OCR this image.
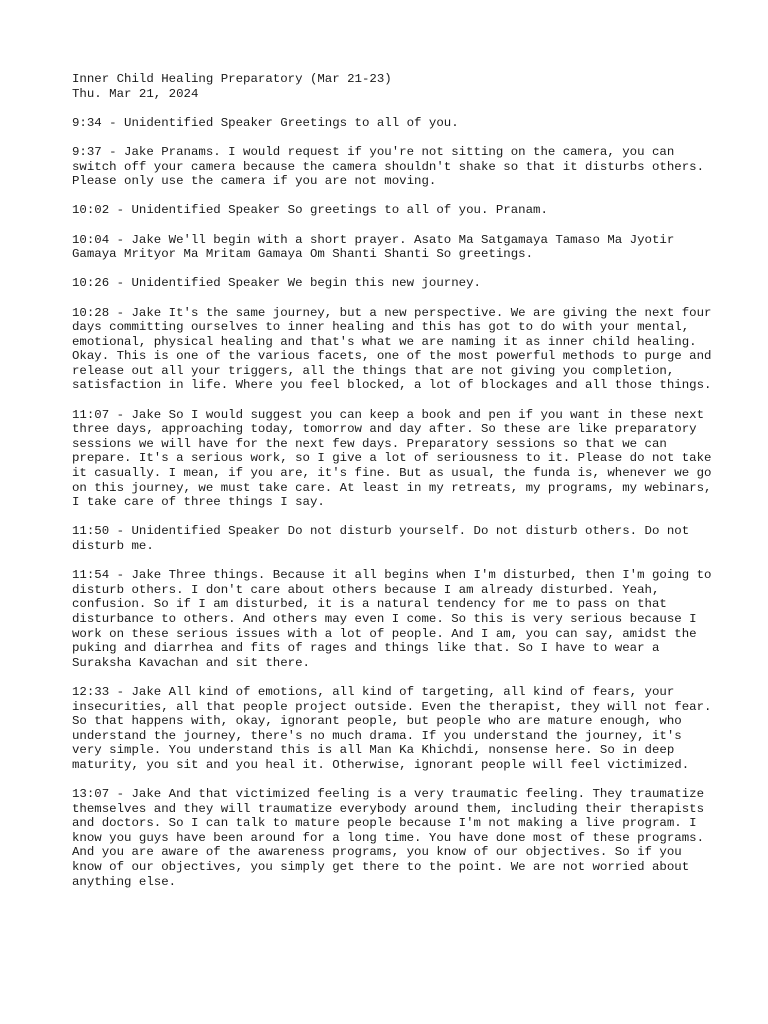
Inner Child Healing Preparatory (Mar 21-23)

Thu. Mar 21, 2024

9:34 - Unidentified Speaker Greetings to all of you.

9:37 - Jake Pranams. I would request if you're not sitting on the camera, you can switch off your camera because the camera shouldn't shake so that it disturbs others. Please only use the camera if you are not moving.

10:02 - Unidentified Speaker So greetings to all of you. Pranam.

10:04 - Jake We'll begin with a short prayer. Asato Ma Satgamaya Tamaso Ma Jyotir Gamaya Mrityor Ma Mritam Gamaya Om Shanti Shanti So greetings.

10:26 - Unidentified Speaker We begin this new journey.

10:28 - Jake It's the same journey, but a new perspective. We are giving the next four days committing ourselves to inner healing and this has got to do with your mental, emotional, physical healing and that's what we are naming it as inner child healing. Okay. This is one of the various facets, one of the most powerful methods to purge and release out all your triggers, all the things that are not giving you completion, satisfaction in life. Where you feel blocked, a lot of blockages and all those things.

11:07 - Jake So I would suggest you can keep a book and pen if you want in these next three days, approaching today, tomorrow and day after. So these are like preparatory sessions we will have for the next few days. Preparatory sessions so that we can prepare. It's a serious work, so I give a lot of seriousness to it. Please do not take it casually. I mean, if you are, it's fine. But as usual, the funda is, whenever we go on this journey, we must take care. At least in my retreats, my programs, my webinars, I take care of three things I say.

11:50 - Unidentified Speaker Do not disturb yourself. Do not disturb others. Do not disturb me.

11:54 - Jake Three things. Because it all begins when I'm disturbed, then I'm going to disturb others. I don't care about others because I am already disturbed. Yeah, confusion. So if I am disturbed, it is a natural tendency for me to pass on that disturbance to others. And others may even I come. So this is very serious because I work on these serious issues with a lot of people. And I am, you can say, amidst the puking and diarrhea and fits of rages and things like that. So I have to wear a Suraksha Kavachan and sit there.

12:33 - Jake All kind of emotions, all kind of targeting, all kind of fears, your insecurities, all that people project outside. Even the therapist, they will not fear. So that happens with, okay, ignorant people, but people who are mature enough, who understand the journey, there's no much drama. If you understand the journey, it's very simple. You understand this is all Man Ka Khichdi, nonsense here. So in deep maturity, you sit and you heal it. Otherwise, ignorant people will feel victimized.

13:07 - Jake And that victimized feeling is a very traumatic feeling. They traumatize themselves and they will traumatize everybody around them, including their therapists and doctors. So I can talk to mature people because I'm not making a live program. I know you guys have been around for a long time. You have done most of these programs. And you are aware of the awareness programs, you know of our objectives. So if you know of our objectives, you simply get there to the point. We are not worried about anything else.
